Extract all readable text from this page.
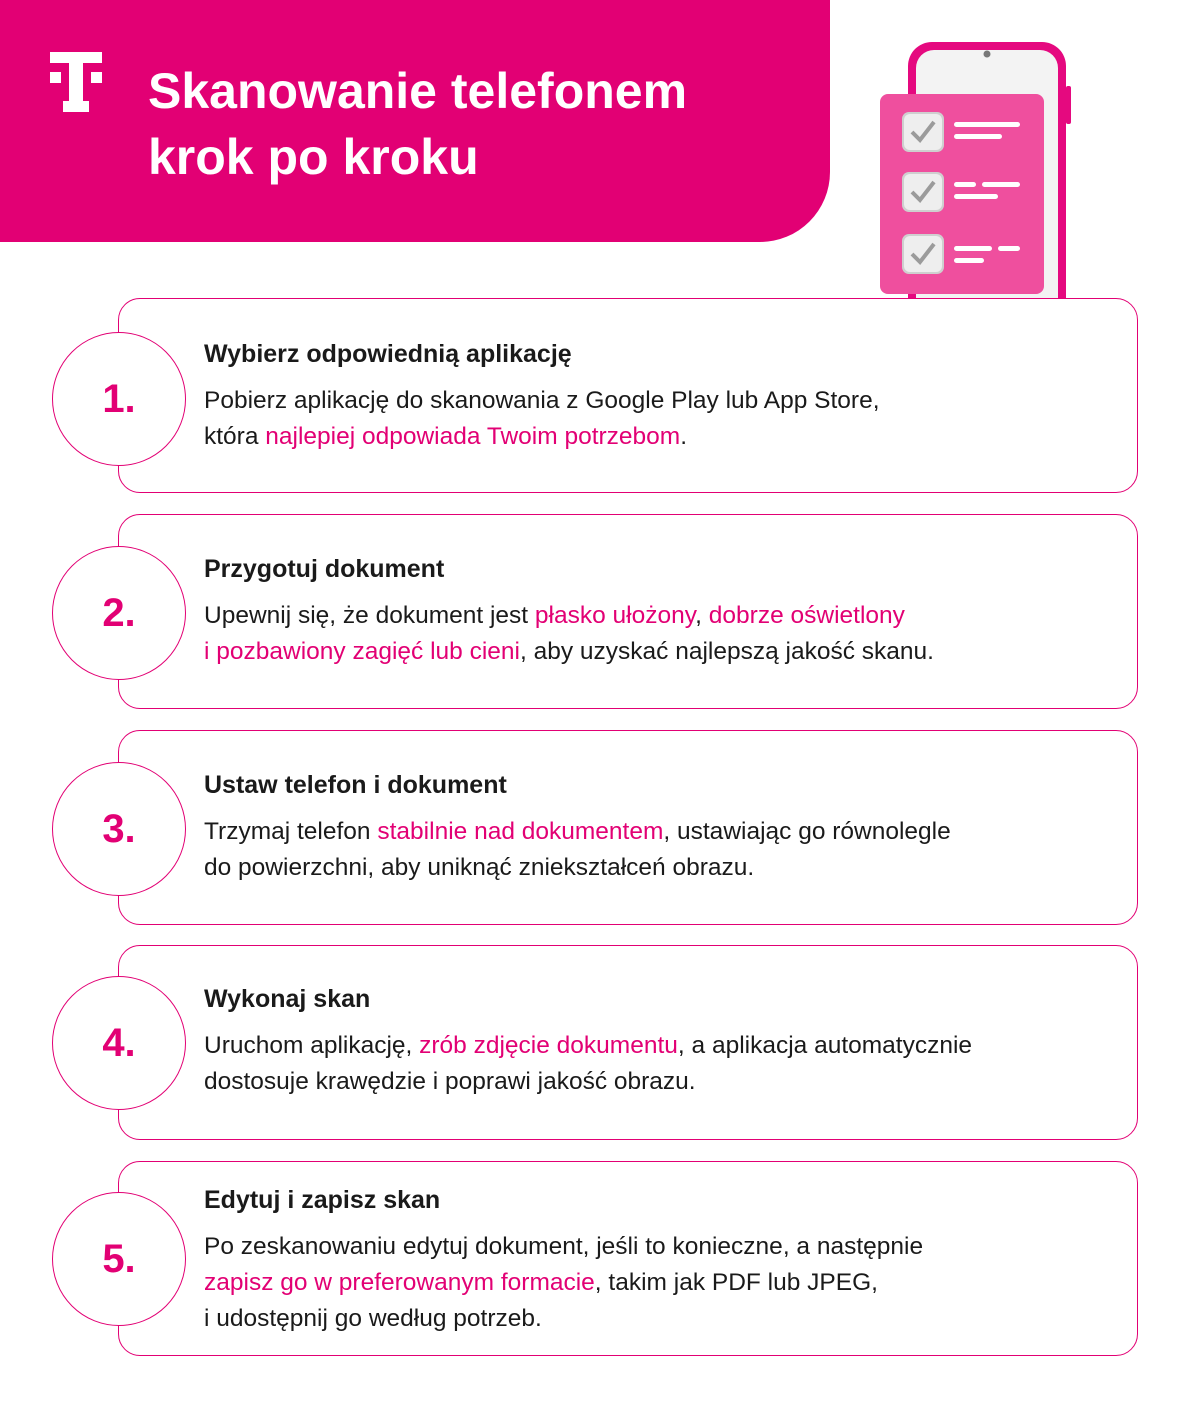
Skanowanie telefonem
krok po kroku
1.
Wybierz odpowiednią aplikację

Pobierz aplikację do skanowania z Google Play lub App Store,
która najlepiej odpowiada Twoim potrzebom.

2.
Przygotuj dokument

Upewnij się, że dokument jest płasko ułożony, dobrze oświetlony
i pozbawiony zagięć lub cieni, aby uzyskać najlepszą jakość skanu.

3.
Ustaw telefon i dokument

Trzymaj telefon stabilnie nad dokumentem, ustawiając go równolegle
do powierzchni, aby uniknąć zniekształceń obrazu.

4.
Wykonaj skan

Uruchom aplikację, zrób zdjęcie dokumentu, a aplikacja automatycznie
dostosuje krawędzie i poprawi jakość obrazu.

5.
Edytuj i zapisz skan

Po zeskanowaniu edytuj dokument, jeśli to konieczne, a następnie
zapisz go w preferowanym formacie, takim jak PDF lub JPEG,
i udostępnij go według potrzeb.
